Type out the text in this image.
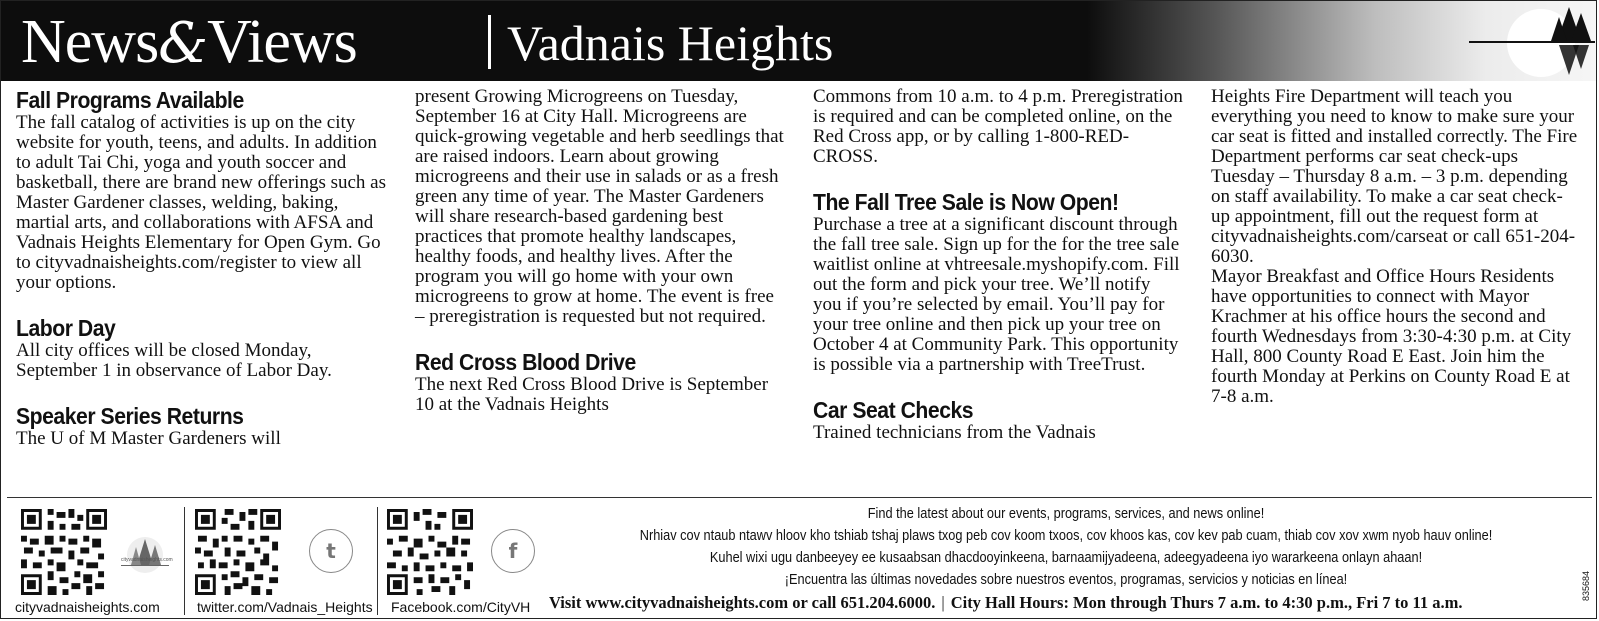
News&Views	Vadnais Heights
Fall Programs Available

The fall catalog of activities is up on the city website for youth, teens, and adults. In addition to adult Tai Chi, yoga and youth soccer and basketball, there are brand new offerings such as Master Gardener classes, welding, baking, martial arts, and collaborations with AFSA and Vadnais Heights Elementary for Open Gym. Go to cityvadnaisheights.com/register to view all your options.

Labor Day

All city offices will be closed Monday, September 1 in observance of Labor Day.

Speaker Series Returns

The U of M Master Gardeners will

present Growing Microgreens on Tuesday, September 16 at City Hall. Microgreens are quick-growing vegetable and herb seedlings that are raised indoors. Learn about growing microgreens and their use in salads or as a fresh green any time of year. The Master Gardeners will share research-based gardening best practices that promote healthy landscapes, healthy foods, and healthy lives. After the program you will go home with your own microgreens to grow at home. The event is free – preregistration is requested but not required.

Red Cross Blood Drive

The next Red Cross Blood Drive is September 10 at the Vadnais Heights

Commons from 10 a.m. to 4 p.m. Preregistration is required and can be completed online, on the Red Cross app, or by calling 1-800-RED-CROSS.

The Fall Tree Sale is Now Open!

Purchase a tree at a significant discount through the fall tree sale. Sign up for the for the tree sale waitlist online at vhtreesale.myshopify.com. Fill out the form and pick your tree. We’ll notify you if you’re selected by email. You’ll pay for your tree online and then pick up your tree on October 4 at Community Park. This opportunity is possible via a partnership with TreeTrust.

Car Seat Checks

Trained technicians from the Vadnais

Heights Fire Department will teach you everything you need to know to make sure your car seat is fitted and installed correctly. The Fire Department performs car seat check-ups Tuesday – Thursday 8 a.m. – 3 p.m. depending on staff availability. To make a car seat check-up appointment, fill out the request form at cityvadnaisheights.com/carseat or call 651-204-6030.

Mayor Breakfast and Office Hours Residents have opportunities to connect with Mayor Krachmer at his office hours the second and fourth Wednesdays from 3:30-4:30 p.m. at City Hall, 800 County Road E East. Join him the fourth Monday at Perkins on County Road E at 7-8 a.m.

cityvadnaisheights.com
cityvadnaisheights.com
t
twitter.com/Vadnais_Heights
f
Facebook.com/CityVH
Find the latest about our events, programs, services, and news online!
Nrhiav cov ntaub ntawv hloov kho tshiab tshaj plaws txog peb cov koom txoos, cov khoos kas, cov kev pab cuam, thiab cov xov xwm nyob hauv online!
Kuhel wixi ugu danbeeyey ee kusaabsan dhacdooyinkeena, barnaamijyadeena, adeegyadeena iyo wararkeena onlayn ahaan!
¡Encuentra las últimas novedades sobre nuestros eventos, programas, servicios y noticias en línea!
Visit www.cityvadnaisheights.com or call 651.204.6000. | City Hall Hours: Mon through Thurs 7 a.m. to 4:30 p.m., Fri 7 to 11 a.m.
835684
